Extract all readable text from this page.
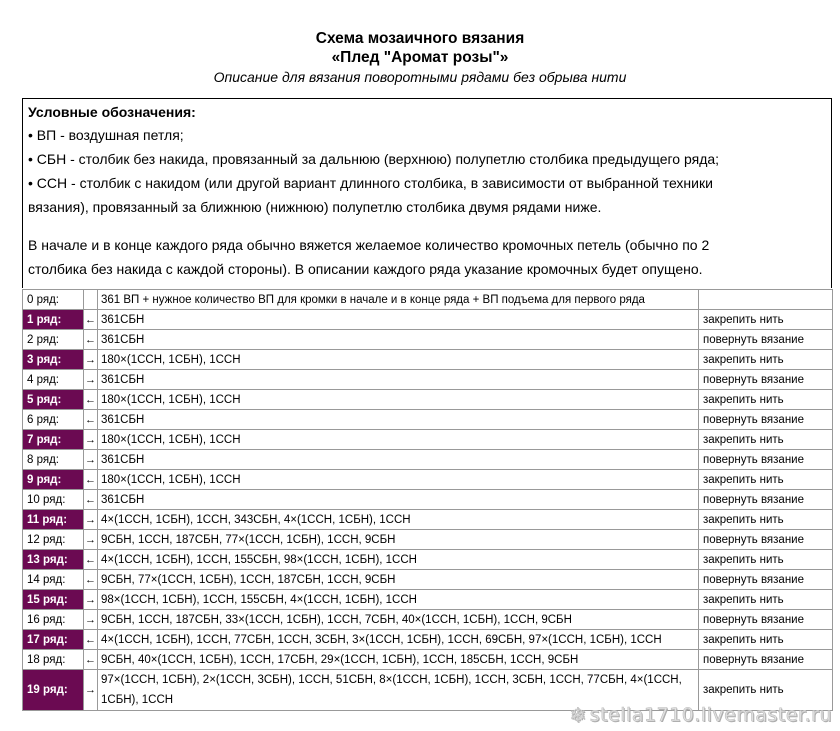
Схема мозаичного вязания
«Плед "Аромат розы"»
Описание для вязания поворотными рядами без обрыва нити
Условные обозначения:
• ВП - воздушная петля;
• СБН - столбик без накида, провязанный за дальнюю (верхнюю) полупетлю столбика предыдущего ряда;
• ССН - столбик с накидом (или другой вариант длинного столбика, в зависимости от выбранной техники
вязания), провязанный за ближнюю (нижнюю) полупетлю столбика двумя рядами ниже.
В начале и в конце каждого ряда обычно вяжется желаемое количество кромочных петель (обычно по 2
столбика без накида с каждой стороны). В описании каждого ряда указание кромочных будет опущено.
0 ряд:		361 ВП + нужное количество ВП для кромки в начале и в конце ряда + ВП подъема для первого ряда	
1 ряд:	←	361СБН	закрепить нить
2 ряд:	←	361СБН	повернуть вязание
3 ряд:	→	180×(1ССН, 1СБН), 1ССН	закрепить нить
4 ряд:	→	361СБН	повернуть вязание
5 ряд:	←	180×(1ССН, 1СБН), 1ССН	закрепить нить
6 ряд:	←	361СБН	повернуть вязание
7 ряд:	→	180×(1ССН, 1СБН), 1ССН	закрепить нить
8 ряд:	→	361СБН	повернуть вязание
9 ряд:	←	180×(1ССН, 1СБН), 1ССН	закрепить нить
10 ряд:	←	361СБН	повернуть вязание
11 ряд:	→	4×(1ССН, 1СБН), 1ССН, 343СБН, 4×(1ССН, 1СБН), 1ССН	закрепить нить
12 ряд:	→	9СБН, 1ССН, 187СБН, 77×(1ССН, 1СБН), 1ССН, 9СБН	повернуть вязание
13 ряд:	←	4×(1ССН, 1СБН), 1ССН, 155СБН, 98×(1ССН, 1СБН), 1ССН	закрепить нить
14 ряд:	←	9СБН, 77×(1ССН, 1СБН), 1ССН, 187СБН, 1ССН, 9СБН	повернуть вязание
15 ряд:	→	98×(1ССН, 1СБН), 1ССН, 155СБН, 4×(1ССН, 1СБН), 1ССН	закрепить нить
16 ряд:	→	9СБН, 1ССН, 187СБН, 33×(1ССН, 1СБН), 1ССН, 7СБН, 40×(1ССН, 1СБН), 1ССН, 9СБН	повернуть вязание
17 ряд:	←	4×(1ССН, 1СБН), 1ССН, 77СБН, 1ССН, 3СБН, 3×(1ССН, 1СБН), 1ССН, 69СБН, 97×(1ССН, 1СБН), 1ССН	закрепить нить
18 ряд:	←	9СБН, 40×(1ССН, 1СБН), 1ССН, 17СБН, 29×(1ССН, 1СБН), 1ССН, 185СБН, 1ССН, 9СБН	повернуть вязание
19 ряд:	→	97×(1ССН, 1СБН), 2×(1ССН, 3СБН), 1ССН, 51СБН, 8×(1ССН, 1СБН), 1ССН, 3СБН, 1ССН, 77СБН, 4×(1ССН, 1СБН), 1ССН	закрепить нить
❄ stella1710.livemaster.ru
